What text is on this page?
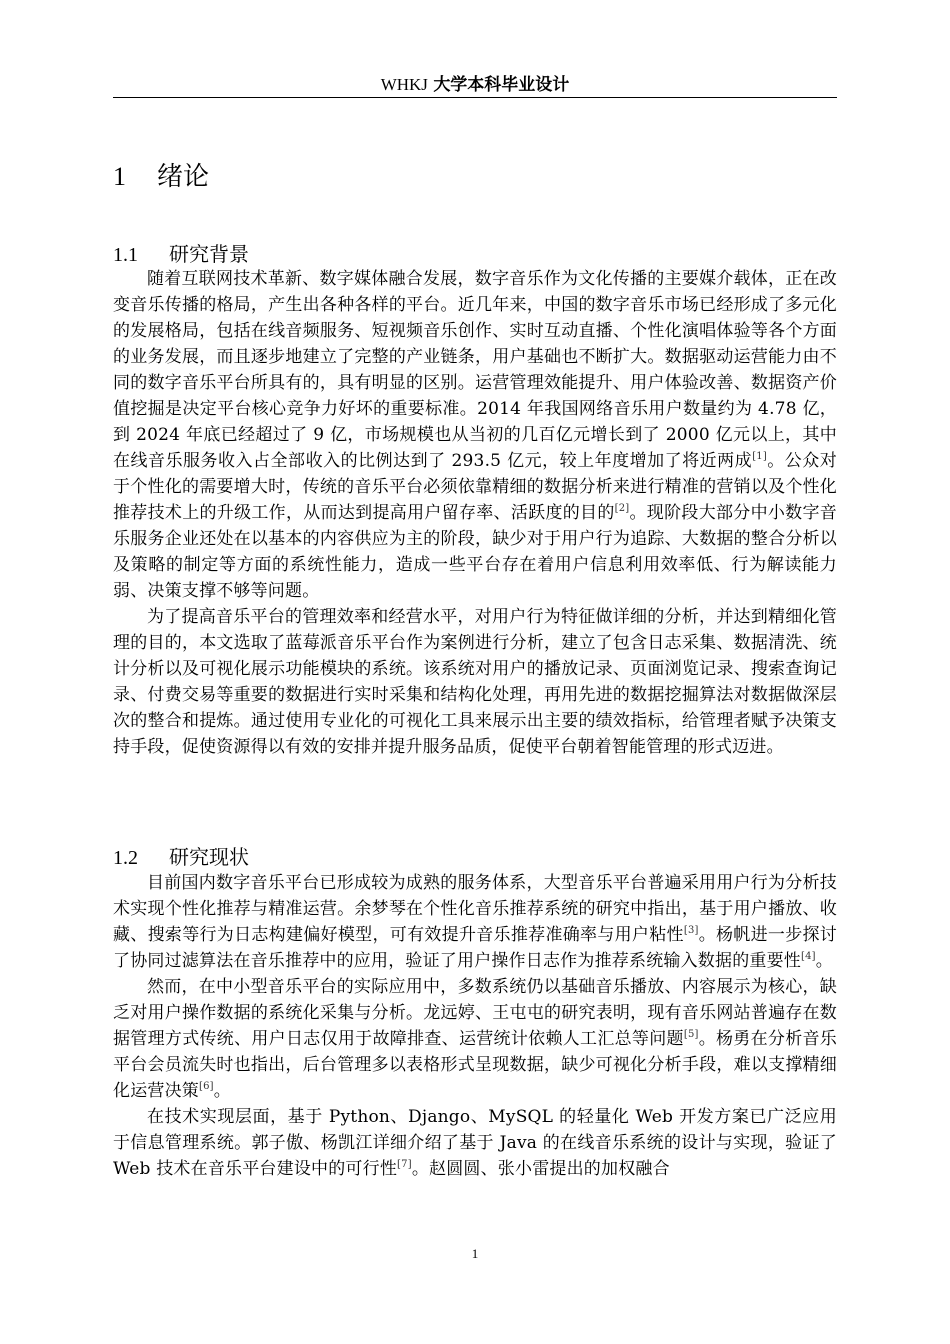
WHKJ 大学本科毕业设计
1 绪论
1.1 研究背景

随着互联网技术革新、数字媒体融合发展，数字音乐作为文化传播的主要媒介载体，正在改变音乐传播的格局，产生出各种各样的平台。近几年来，中国的数字音乐市场已经形成了多元化的发展格局，包括在线音频服务、短视频音乐创作、实时互动直播、个性化演唱体验等各个方面的业务发展，而且逐步地建立了完整的产业链条，用户基础也不断扩大。数据驱动运营能力由不同的数字音乐平台所具有的，具有明显的区别。运营管理效能提升、用户体验改善、数据资产价值挖掘是决定平台核心竞争力好坏的重要标准。2014 年我国网络音乐用户数量约为 4.78 亿，到 2024 年底已经超过了 9 亿，市场规模也从当初的几百亿元增长到了 2000 亿元以上，其中在线音乐服务收入占全部收入的比例达到了 293.5 亿元，较上年度增加了将近两成[1]。公众对于个性化的需要增大时，传统的音乐平台必须依靠精细的数据分析来进行精准的营销以及个性化推荐技术上的升级工作，从而达到提高用户留存率、活跃度的目的[2]。现阶段大部分中小数字音乐服务企业还处在以基本的内容供应为主的阶段，缺少对于用户行为追踪、大数据的整合分析以及策略的制定等方面的系统性能力，造成一些平台存在着用户信息利用效率低、行为解读能力弱、决策支撑不够等问题。

为了提高音乐平台的管理效率和经营水平，对用户行为特征做详细的分析，并达到精细化管理的目的，本文选取了蓝莓派音乐平台作为案例进行分析，建立了包含日志采集、数据清洗、统计分析以及可视化展示功能模块的系统。该系统对用户的播放记录、页面浏览记录、搜索查询记录、付费交易等重要的数据进行实时采集和结构化处理，再用先进的数据挖掘算法对数据做深层次的整合和提炼。通过使用专业化的可视化工具来展示出主要的绩效指标，给管理者赋予决策支持手段，促使资源得以有效的安排并提升服务品质，促使平台朝着智能管理的形式迈进。

1.2 研究现状

目前国内数字音乐平台已形成较为成熟的服务体系，大型音乐平台普遍采用用户行为分析技术实现个性化推荐与精准运营。余梦琴在个性化音乐推荐系统的研究中指出，基于用户播放、收藏、搜索等行为日志构建偏好模型，可有效提升音乐推荐准确率与用户粘性[3]。杨帆进一步探讨了协同过滤算法在音乐推荐中的应用，验证了用户操作日志作为推荐系统输入数据的重要性[4]。

然而，在中小型音乐平台的实际应用中，多数系统仍以基础音乐播放、内容展示为核心，缺乏对用户操作数据的系统化采集与分析。龙远婷、王屯屯的研究表明，现有音乐网站普遍存在数据管理方式传统、用户日志仅用于故障排查、运营统计依赖人工汇总等问题[5]。杨勇在分析音乐平台会员流失时也指出，后台管理多以表格形式呈现数据，缺少可视化分析手段，难以支撑精细化运营决策[6]。

在技术实现层面，基于 Python、Django、MySQL 的轻量化 Web 开发方案已广泛应用于信息管理系统。郭子傲、杨凯江详细介绍了基于 Java 的在线音乐系统的设计与实现，验证了 Web 技术在音乐平台建设中的可行性[7]。赵圆圆、张小雷提出的加权融合

1
